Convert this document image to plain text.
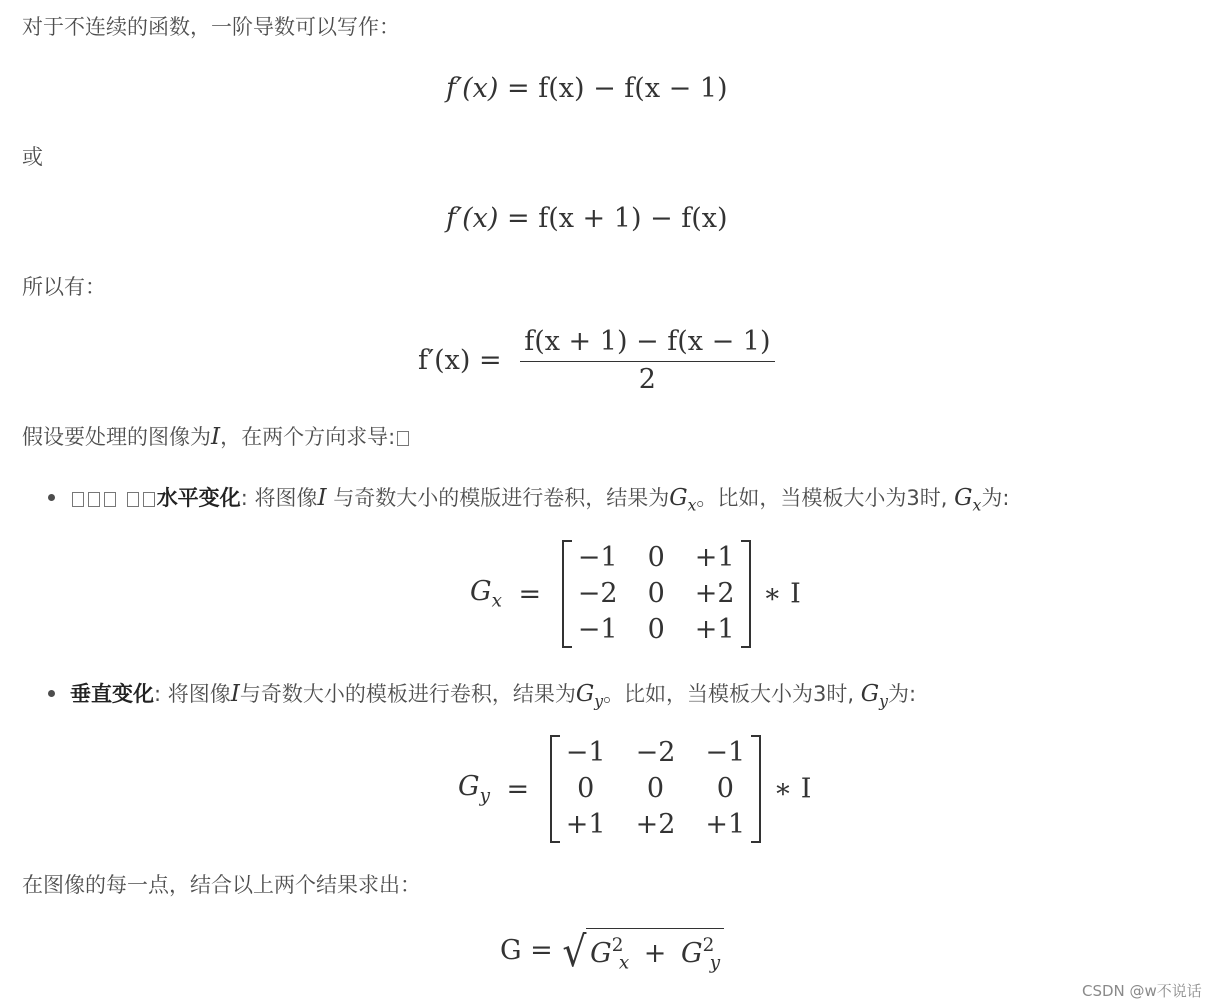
对于不连续的函数，一阶导数可以写作：
f′(x) = f(x) − f(x − 1)
或
f′(x) = f(x + 1) − f(x)
所以有：
$f'(x) = \frac{f(x + 1) - f(x - 1)}{2}$
假设要处理的图像为I，在两个方向求导:
水平变化: 将图像I 与奇数大小的模版进行卷积，结果为$G_x$。比如，当模板大小为3时, $G_x$为:
$G_x$ =
−1 0 +1
−2 0 +2
−1 0 +1
∗ I
垂直变化: 将图像I与奇数大小的模板进行卷积，结果为$G_y$。比如，当模板大小为3时, $G_y$为:
$G_y$ =
−1 −2 −1
0	0	0
+1 +2 +1
∗ I
在图像的每一点，结合以上两个结果求出：
G = √ $G^2_x + G^2_y$
CSDN @w不说话
